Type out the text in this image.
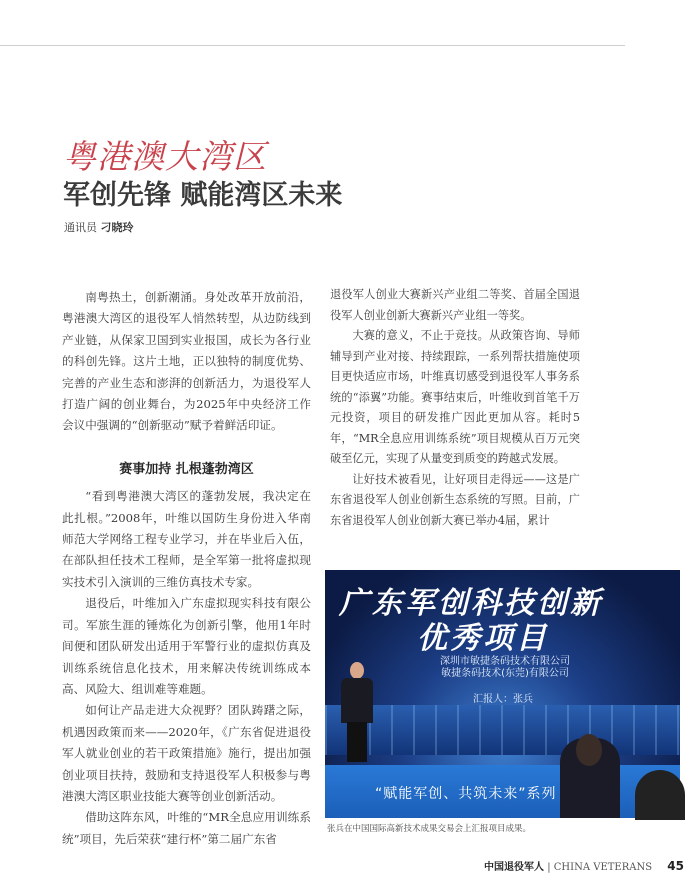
粤港澳大湾区
军创先锋 赋能湾区未来
通讯员 刁晓玲

南粤热土，创新潮涌。身处改革开放前沿，粤港澳大湾区的退役军人悄然转型，从边防线到产业链，从保家卫国到实业报国，成长为各行业的科创先锋。这片土地，正以独特的制度优势、完善的产业生态和澎湃的创新活力，为退役军人打造广阔的创业舞台，为2025年中央经济工作会议中强调的“创新驱动”赋予着鲜活印证。

赛事加持 扎根蓬勃湾区

“看到粤港澳大湾区的蓬勃发展，我决定在此扎根。”2008年，叶维以国防生身份进入华南师范大学网络工程专业学习，并在毕业后入伍，在部队担任技术工程师，是全军第一批将虚拟现实技术引入演训的三维仿真技术专家。

退役后，叶维加入广东虚拟现实科技有限公司。军旅生涯的锤炼化为创新引擎，他用1年时间便和团队研发出适用于军警行业的虚拟仿真及训练系统信息化技术，用来解决传统训练成本高、风险大、组训难等难题。

如何让产品走进大众视野？团队踌躇之际，机遇因政策而来——2020年，《广东省促进退役军人就业创业的若干政策措施》施行，提出加强创业项目扶持，鼓励和支持退役军人积极参与粤港澳大湾区职业技能大赛等创业创新活动。

借助这阵东风，叶维的“MR全息应用训练系统”项目，先后荣获“建行杯”第二届广东省

退役军人创业大赛新兴产业组二等奖、首届全国退役军人创业创新大赛新兴产业组一等奖。

大赛的意义，不止于竞技。从政策咨询、导师辅导到产业对接、持续跟踪，一系列帮扶措施使项目更快适应市场，叶维真切感受到退役军人事务系统的“添翼”功能。赛事结束后，叶维收到首笔千万元投资，项目的研发推广因此更加从容。耗时5年，“MR全息应用训练系统”项目规模从百万元突破至亿元，实现了从量变到质变的跨越式发展。

让好技术被看见，让好项目走得远——这是广东省退役军人创业创新生态系统的写照。目前，广东省退役军人创业创新大赛已举办4届，累计

广东军创科技创新
优秀项目
深圳市敏捷条码技术有限公司
敏捷条码技术(东莞)有限公司
汇报人：张兵
“赋能军创、共筑未来”系列
张兵在中国国际高新技术成果交易会上汇报项目成果。
中国退役军人 | CHINA VETERANS 45
